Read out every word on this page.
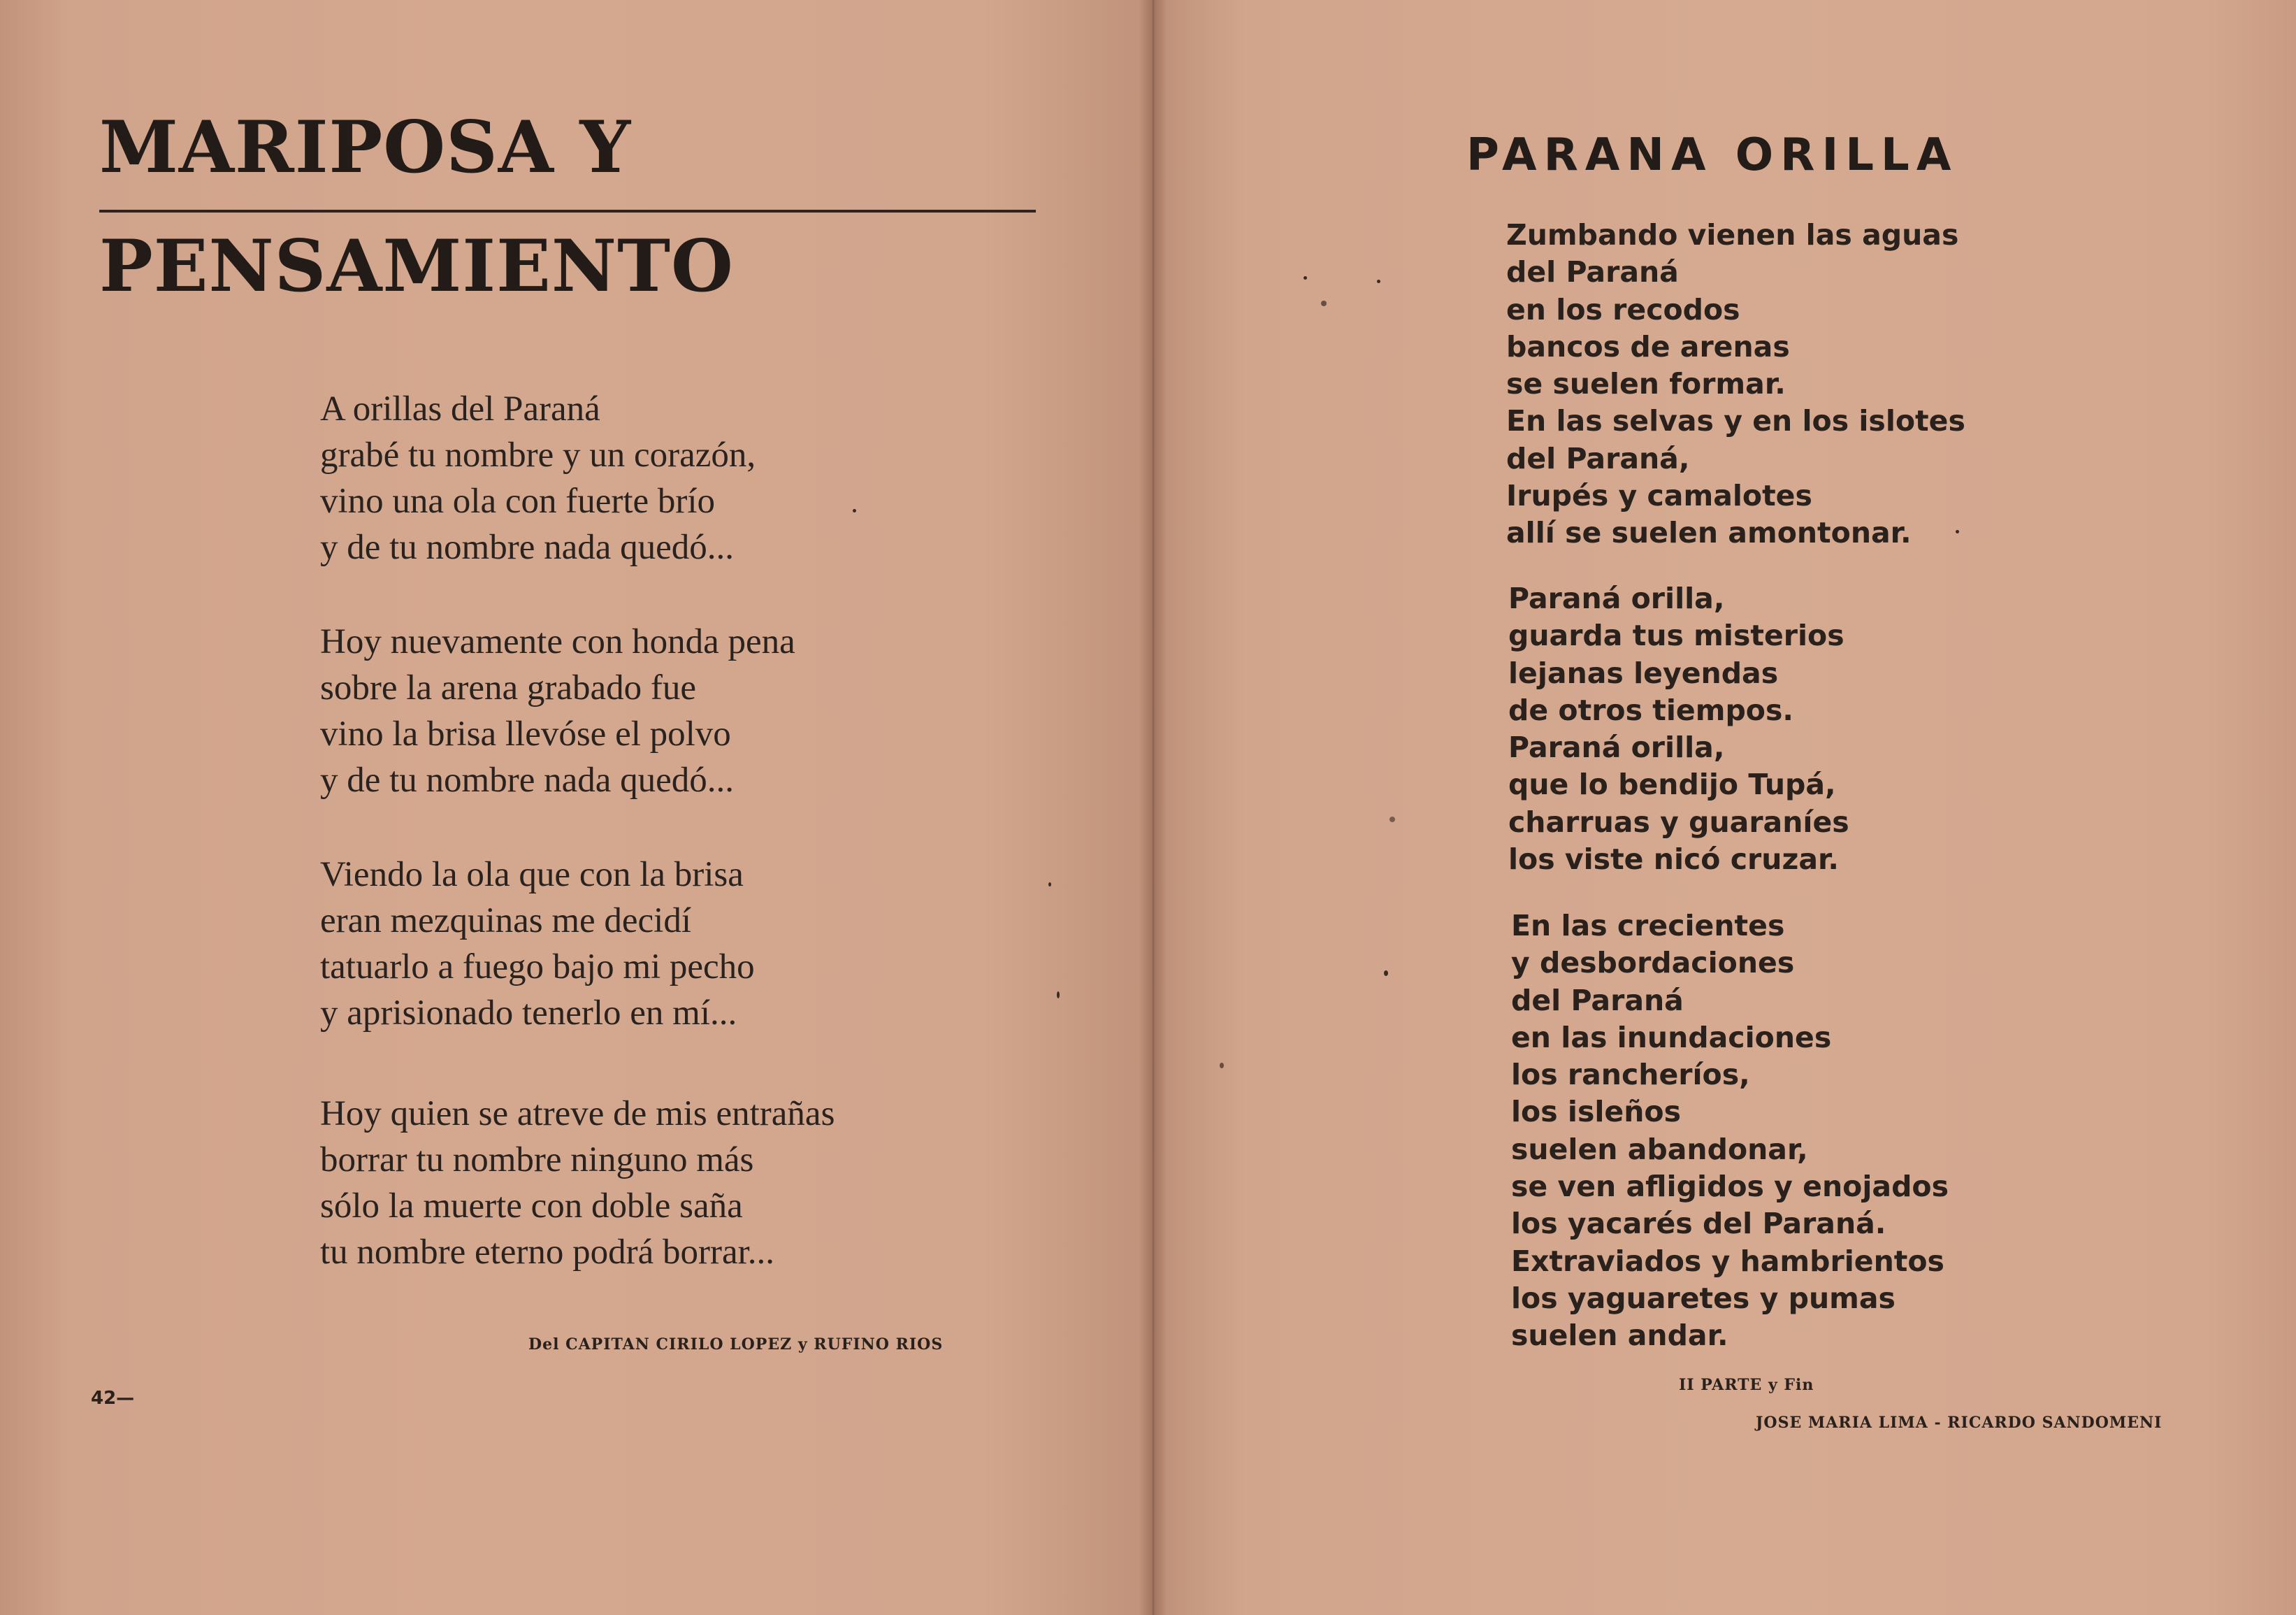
MARIPOSA Y
PENSAMIENTO
A orillas del Paraná
grabé tu nombre y un corazón,
vino una ola con fuerte brío
y de tu nombre nada quedó...
Hoy nuevamente con honda pena
sobre la arena grabado fue
vino la brisa llevóse el polvo
y de tu nombre nada quedó...
Viendo la ola que con la brisa
eran mezquinas me decidí
tatuarlo a fuego bajo mi pecho
y aprisionado tenerlo en mí...
Hoy quien se atreve de mis entrañas
borrar tu nombre ninguno más
sólo la muerte con doble saña
tu nombre eterno podrá borrar...
Del CAPITAN CIRILO LOPEZ y RUFINO RIOS
42—
PARANA ORILLA
Zumbando vienen las aguas
del Paraná
en los recodos
bancos de arenas
se suelen formar.
En las selvas y en los islotes
del Paraná,
Irupés y camalotes
allí se suelen amontonar.
Paraná orilla,
guarda tus misterios
lejanas leyendas
de otros tiempos.
Paraná orilla,
que lo bendijo Tupá,
charruas y guaraníes
los viste nicó cruzar.
En las crecientes
y desbordaciones
del Paraná
en las inundaciones
los rancheríos,
los isleños
suelen abandonar,
se ven afligidos y enojados
los yacarés del Paraná.
Extraviados y hambrientos
los yaguaretes y pumas
suelen andar.
II PARTE y Fin
JOSE MARIA LIMA - RICARDO SANDOMENI
